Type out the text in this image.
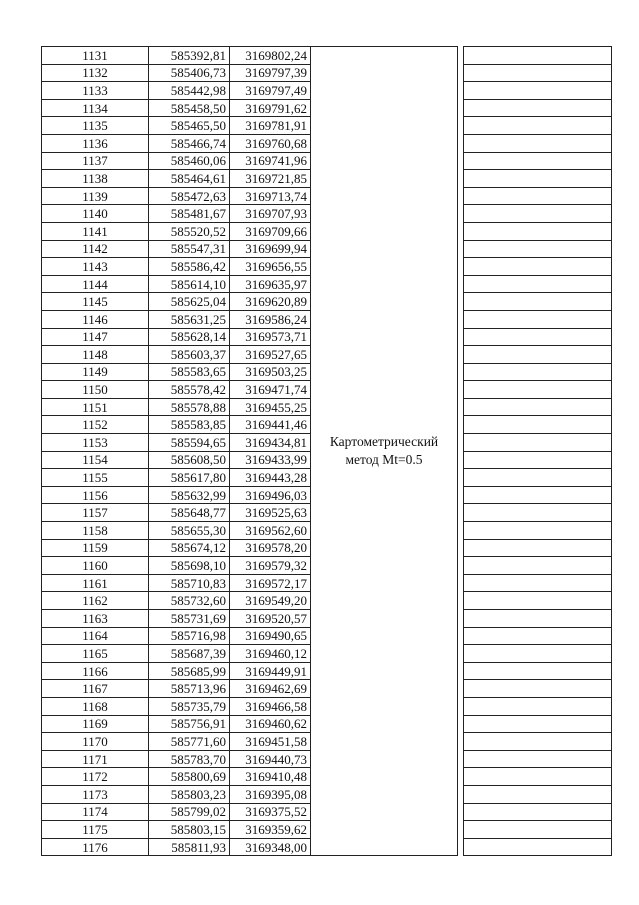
1131	585392,81	3169802,24	Картометрический
метод Mt=0.5		
1132	585406,73	3169797,39			
1133	585442,98	3169797,49			
1134	585458,50	3169791,62			
1135	585465,50	3169781,91			
1136	585466,74	3169760,68			
1137	585460,06	3169741,96			
1138	585464,61	3169721,85			
1139	585472,63	3169713,74			
1140	585481,67	3169707,93			
1141	585520,52	3169709,66			
1142	585547,31	3169699,94			
1143	585586,42	3169656,55			
1144	585614,10	3169635,97			
1145	585625,04	3169620,89			
1146	585631,25	3169586,24			
1147	585628,14	3169573,71			
1148	585603,37	3169527,65			
1149	585583,65	3169503,25			
1150	585578,42	3169471,74			
1151	585578,88	3169455,25			
1152	585583,85	3169441,46			
1153	585594,65	3169434,81			
1154	585608,50	3169433,99			
1155	585617,80	3169443,28			
1156	585632,99	3169496,03			
1157	585648,77	3169525,63			
1158	585655,30	3169562,60			
1159	585674,12	3169578,20			
1160	585698,10	3169579,32			
1161	585710,83	3169572,17			
1162	585732,60	3169549,20			
1163	585731,69	3169520,57			
1164	585716,98	3169490,65			
1165	585687,39	3169460,12			
1166	585685,99	3169449,91			
1167	585713,96	3169462,69			
1168	585735,79	3169466,58			
1169	585756,91	3169460,62			
1170	585771,60	3169451,58			
1171	585783,70	3169440,73			
1172	585800,69	3169410,48			
1173	585803,23	3169395,08			
1174	585799,02	3169375,52			
1175	585803,15	3169359,62			
1176	585811,93	3169348,00			
